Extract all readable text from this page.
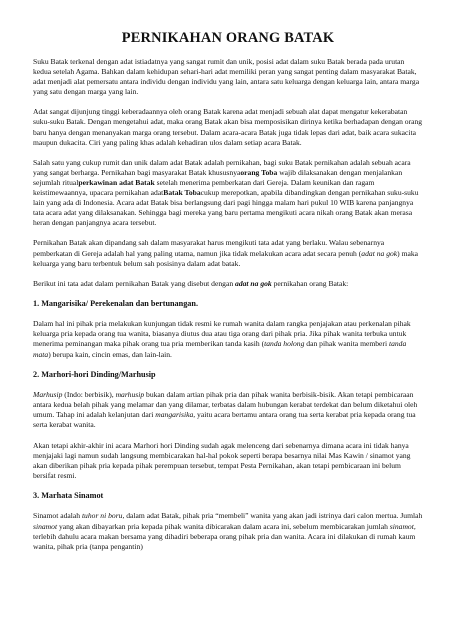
PERNIKAHAN ORANG BATAK

Suku Batak terkenal dengan adat istiadatnya yang sangat rumit dan unik, posisi adat dalam suku Batak berada pada urutan kedua setelah Agama. Bahkan dalam kehidupan sehari-hari adat memiliki peran yang sangat penting dalam masyarakat Batak, adat menjadi alat pemersatu antara individu dengan individu yang lain, antara satu keluarga dengan keluarga lain, antara marga yang satu dengan marga yang lain.

Adat sangat dijunjung tinggi keberadaannya oleh orang Batak karena adat menjadi sebuah alat dapat mengatur kekerabatan suku-suku Batak. Dengan mengetahui adat, maka orang Batak akan bisa memposisikan dirinya ketika berhadapan dengan orang baru hanya dengan menanyakan marga orang tersebut. Dalam acara-acara Batak juga tidak lepas dari adat, baik acara sukacita maupun dukacita. Ciri yang paling khas adalah kehadiran ulos dalam setiap acara Batak.

Salah satu yang cukup rumit dan unik dalam adat Batak adalah pernikahan, bagi suku Batak pernikahan adalah sebuah acara yang sangat berharga. Pernikahan bagi masyarakat Batak khususnyaorang Toba wajib dilaksanakan dengan menjalankan sejumlah ritualperkawinan adat Batak setelah menerima pemberkatan dari Gereja. Dalam keunikan dan ragam keistimewaannya, upacara pernikahan adatBatak Tobacukup merepotkan, apabila dibandingkan dengan pernikahan suku-suku lain yang ada di Indonesia. Acara adat Batak bisa berlangsung dari pagi hingga malam hari pukul 10 WIB karena panjangnya tata acara adat yang dilaksanakan. Sehingga bagi mereka yang baru pertama mengikuti acara nikah orang Batak akan merasa heran dengan panjangnya acara tersebut.

Pernikahan Batak akan dipandang sah dalam masyarakat harus mengikuti tata adat yang berlaku. Walau sebenarnya pemberkatan di Gereja adalah hal yang paling utama, namun jika tidak melakukan acara adat secara penuh (adat na gok) maka keluarga yang baru terbentuk belum sah posisinya dalam adat batak.

Berikut ini tata adat dalam pernikahan Batak yang disebut dengan adat na gok pernikahan orang Batak:

1. Mangarisika/ Perekenalan dan bertunangan.

Dalam hal ini pihak pria melakukan kunjungan tidak resmi ke rumah wanita dalam rangka penjajakan atau perkenalan pihak keluarga pria kepada orang tua wanita, biasanya diutus dua atau tiga orang dari pihak pria. Jika pihak wanita terbuka untuk menerima peminangan maka pihak orang tua pria memberikan tanda kasih (tanda holong dan pihak wanita memberi tanda mata) berupa kain, cincin emas, dan lain-lain.

2. Marhori-hori Dinding/Marhusip

Marhusip (Indo: berbisik), marhusip bukan dalam artian pihak pria dan pihak wanita berbisik-bisik. Akan tetapi pembicaraan antara kedua belah pihak yang melamar dan yang dilamar, terbatas dalam hubungan kerabat terdekat dan belum diketahui oleh umum. Tahap ini adalah kelanjutan dari mangarisika, yaitu acara bertamu antara orang tua serta kerabat pria kepada orang tua serta kerabat wanita.

Akan tetapi akhir-akhir ini acara Marhori hori Dinding sudah agak melenceng dari sebenarnya dimana acara ini tidak hanya menjajaki lagi namun sudah langsung membicarakan hal-hal pokok seperti berapa besarnya nilai Mas Kawin / sinamot yang akan diberikan pihak pria kepada pihak perempuan tersebut, tempat Pesta Pernikahan, akan tetapi pembicaraan ini belum bersifat resmi.

3. Marhata Sinamot

Sinamot adalah tuhor ni boru, dalam adat Batak, pihak pria “membeli” wanita yang akan jadi istrinya dari calon mertua. Jumlah sinamot yang akan dibayarkan pria kepada pihak wanita dibicarakan dalam acara ini, sebelum membicarakan jumlah sinamot, terlebih dahulu acara makan bersama yang dihadiri beberapa orang pihak pria dan wanita. Acara ini dilakukan di rumah kaum wanita, pihak pria (tanpa pengantin)
